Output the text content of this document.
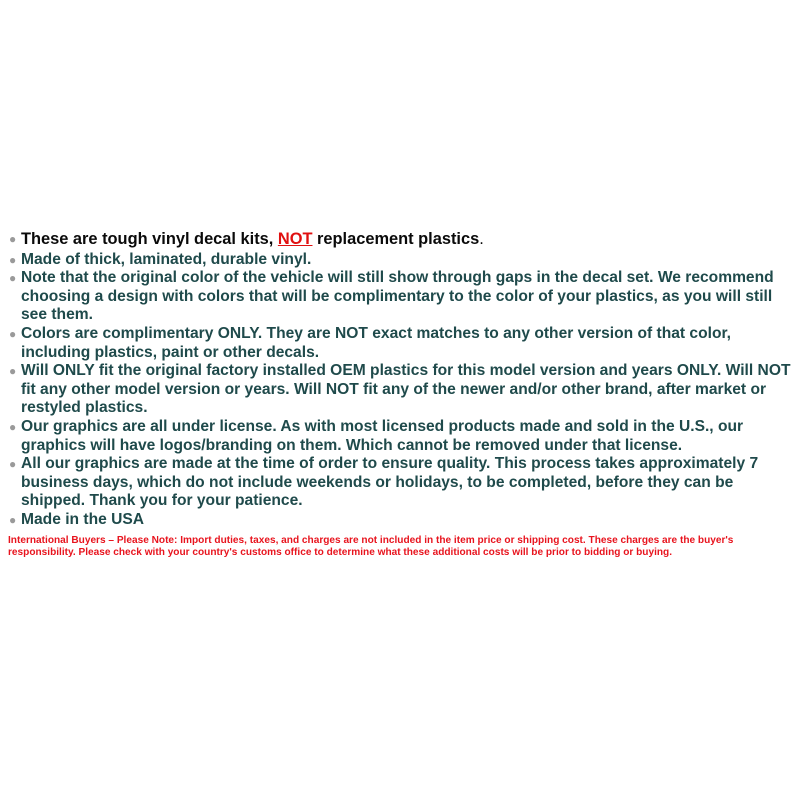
● These are tough vinyl decal kits, NOT replacement plastics.
● Made of thick, laminated, durable vinyl.
● Note that the original color of the vehicle will still show through gaps in the decal set. We recommend choosing a design with colors that will be complimentary to the color of your plastics, as you will still see them.
● Colors are complimentary ONLY. They are NOT exact matches to any other version of that color, including plastics, paint or other decals.
● Will ONLY fit the original factory installed OEM plastics for this model version and years ONLY. Will NOT fit any other model version or years. Will NOT fit any of the newer and/or other brand, after market or restyled plastics.
● Our graphics are all under license. As with most licensed products made and sold in the U.S., our graphics will have logos/branding on them. Which cannot be removed under that license.
● All our graphics are made at the time of order to ensure quality. This process takes approximately 7 business days, which do not include weekends or holidays, to be completed, before they can be shipped. Thank you for your patience.
● Made in the USA
International Buyers – Please Note: Import duties, taxes, and charges are not included in the item price or shipping cost. These charges are the buyer's responsibility. Please check with your country's customs office to determine what these additional costs will be prior to bidding or buying.
